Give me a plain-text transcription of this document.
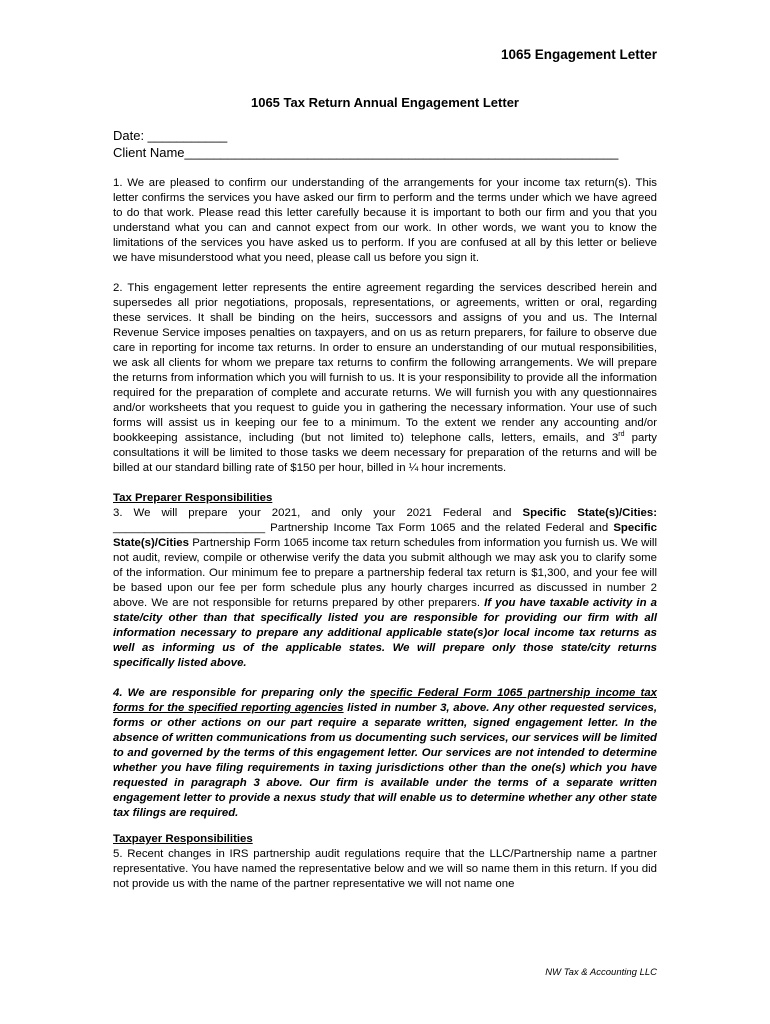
1065 Engagement Letter
1065 Tax Return Annual Engagement Letter
Date: ___________
Client Name____________________________________________________________

1. We are pleased to confirm our understanding of the arrangements for your income tax return(s). This letter confirms the services you have asked our firm to perform and the terms under which we have agreed to do that work. Please read this letter carefully because it is important to both our firm and you that you understand what you can and cannot expect from our work. In other words, we want you to know the limitations of the services you have asked us to perform. If you are confused at all by this letter or believe we have misunderstood what you need, please call us before you sign it.

2. This engagement letter represents the entire agreement regarding the services described herein and supersedes all prior negotiations, proposals, representations, or agreements, written or oral, regarding these services. It shall be binding on the heirs, successors and assigns of you and us. The Internal Revenue Service imposes penalties on taxpayers, and on us as return preparers, for failure to observe due care in reporting for income tax returns. In order to ensure an understanding of our mutual responsibilities, we ask all clients for whom we prepare tax returns to confirm the following arrangements. We will prepare the returns from information which you will furnish to us. It is your responsibility to provide all the information required for the preparation of complete and accurate returns. We will furnish you with any questionnaires and/or worksheets that you request to guide you in gathering the necessary information. Your use of such forms will assist us in keeping our fee to a minimum. To the extent we render any accounting and/or bookkeeping assistance, including (but not limited to) telephone calls, letters, emails, and 3rd party consultations it will be limited to those tasks we deem necessary for preparation of the returns and will be billed at our standard billing rate of $150 per hour, billed in ¼ hour increments.

Tax Preparer Responsibilities

3. We will prepare your 2021, and only your 2021 Federal and Specific State(s)/Cities: ________________________ Partnership Income Tax Form 1065 and the related Federal and Specific State(s)/Cities Partnership Form 1065 income tax return schedules from information you furnish us. We will not audit, review, compile or otherwise verify the data you submit although we may ask you to clarify some of the information. Our minimum fee to prepare a partnership federal tax return is $1,300, and your fee will be based upon our fee per form schedule plus any hourly charges incurred as discussed in number 2 above. We are not responsible for returns prepared by other preparers. If you have taxable activity in a state/city other than that specifically listed you are responsible for providing our firm with all information necessary to prepare any additional applicable state(s)or local income tax returns as well as informing us of the applicable states. We will prepare only those state/city returns specifically listed above.

4. We are responsible for preparing only the specific Federal Form 1065 partnership income tax forms for the specified reporting agencies listed in number 3, above. Any other requested services, forms or other actions on our part require a separate written, signed engagement letter. In the absence of written communications from us documenting such services, our services will be limited to and governed by the terms of this engagement letter. Our services are not intended to determine whether you have filing requirements in taxing jurisdictions other than the one(s) which you have requested in paragraph 3 above. Our firm is available under the terms of a separate written engagement letter to provide a nexus study that will enable us to determine whether any other state tax filings are required.

Taxpayer Responsibilities

5. Recent changes in IRS partnership audit regulations require that the LLC/Partnership name a partner representative. You have named the representative below and we will so name them in this return. If you did not provide us with the name of the partner representative we will not name one

NW Tax & Accounting LLC
